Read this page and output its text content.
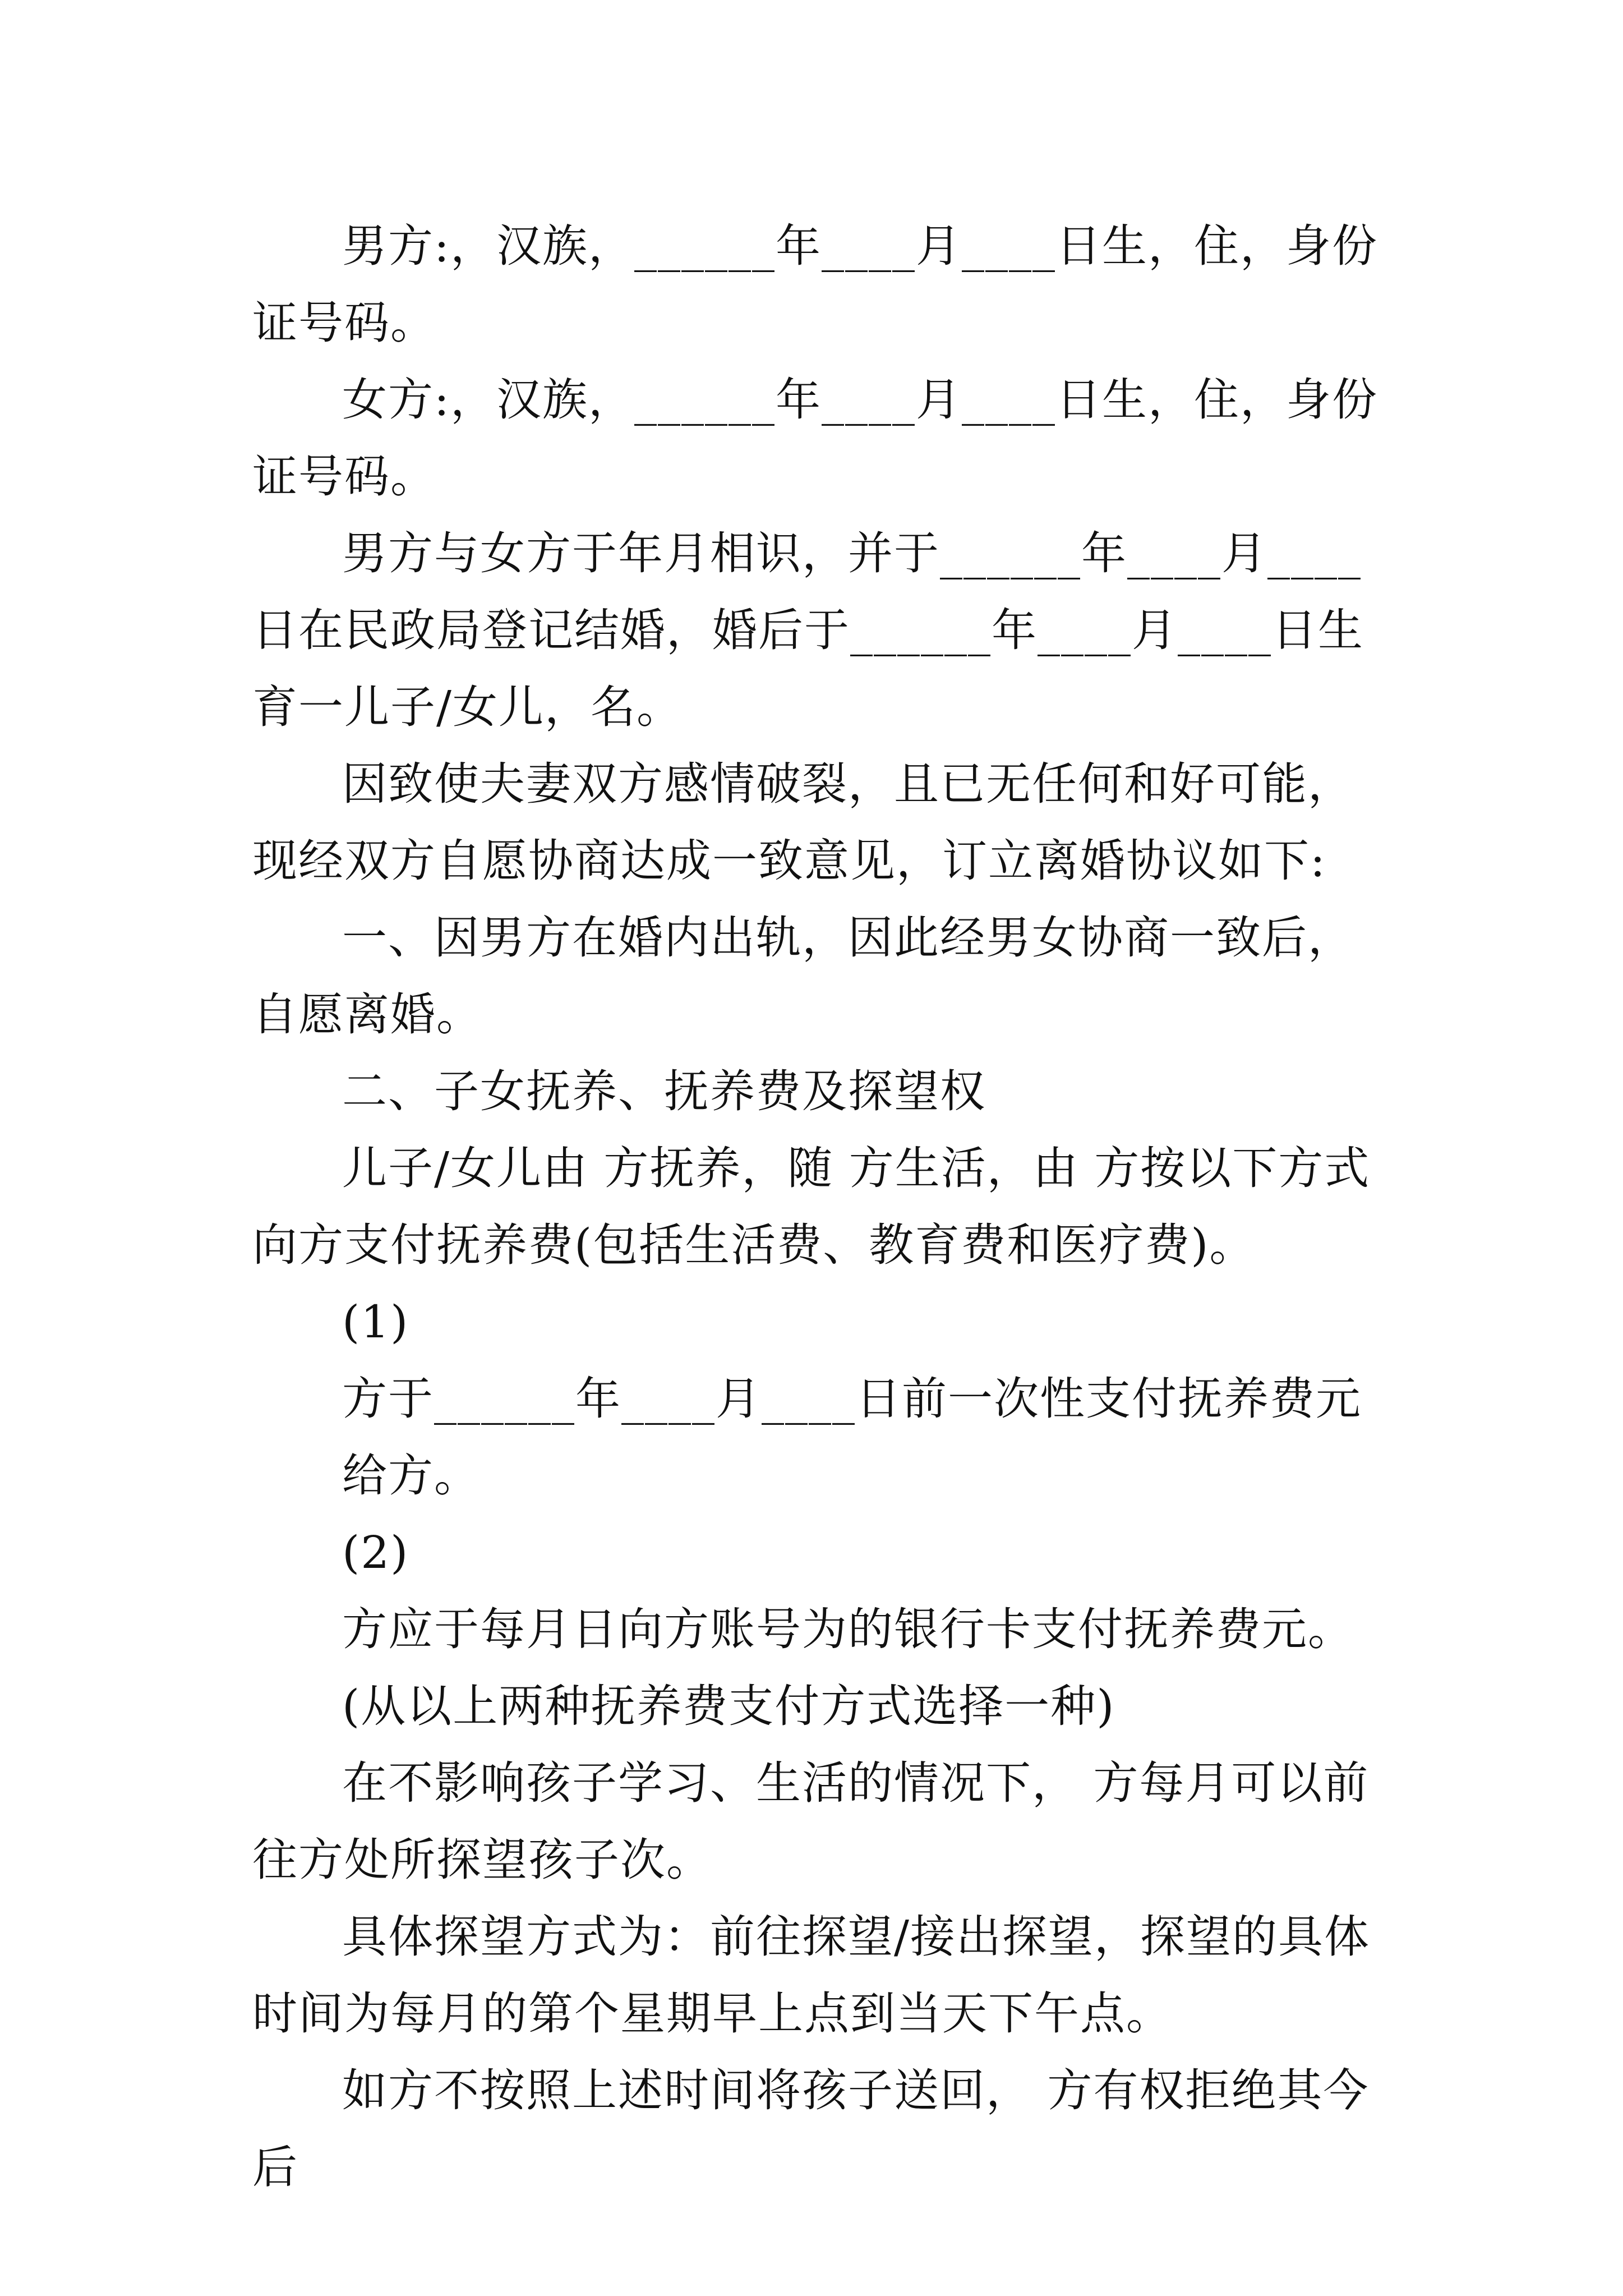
男方:，汉族，______年____月____日生，住，身份证号码。

女方:，汉族，______年____月____日生，住，身份证号码。

男方与女方于年月相识，并于______年____月____日在民政局登记结婚，婚后于______年____月____日生育一儿子/女儿，名。

因致使夫妻双方感情破裂，且已无任何和好可能，现经双方自愿协商达成一致意见，订立离婚协议如下:

一、因男方在婚内出轨，因此经男女协商一致后，自愿离婚。

二、子女抚养、抚养费及探望权

儿子/女儿由 方抚养，随 方生活，由 方按以下方式向方支付抚养费(包括生活费、教育费和医疗费)。

(1)

方于______年____月____日前一次性支付抚养费元给方。

(2)

方应于每月日向方账号为的银行卡支付抚养费元。

(从以上两种抚养费支付方式选择一种)

在不影响孩子学习、生活的情况下， 方每月可以前往方处所探望孩子次。

具体探望方式为：前往探望/接出探望，探望的具体时间为每月的第个星期早上点到当天下午点。

如方不按照上述时间将孩子送回， 方有权拒绝其今后
